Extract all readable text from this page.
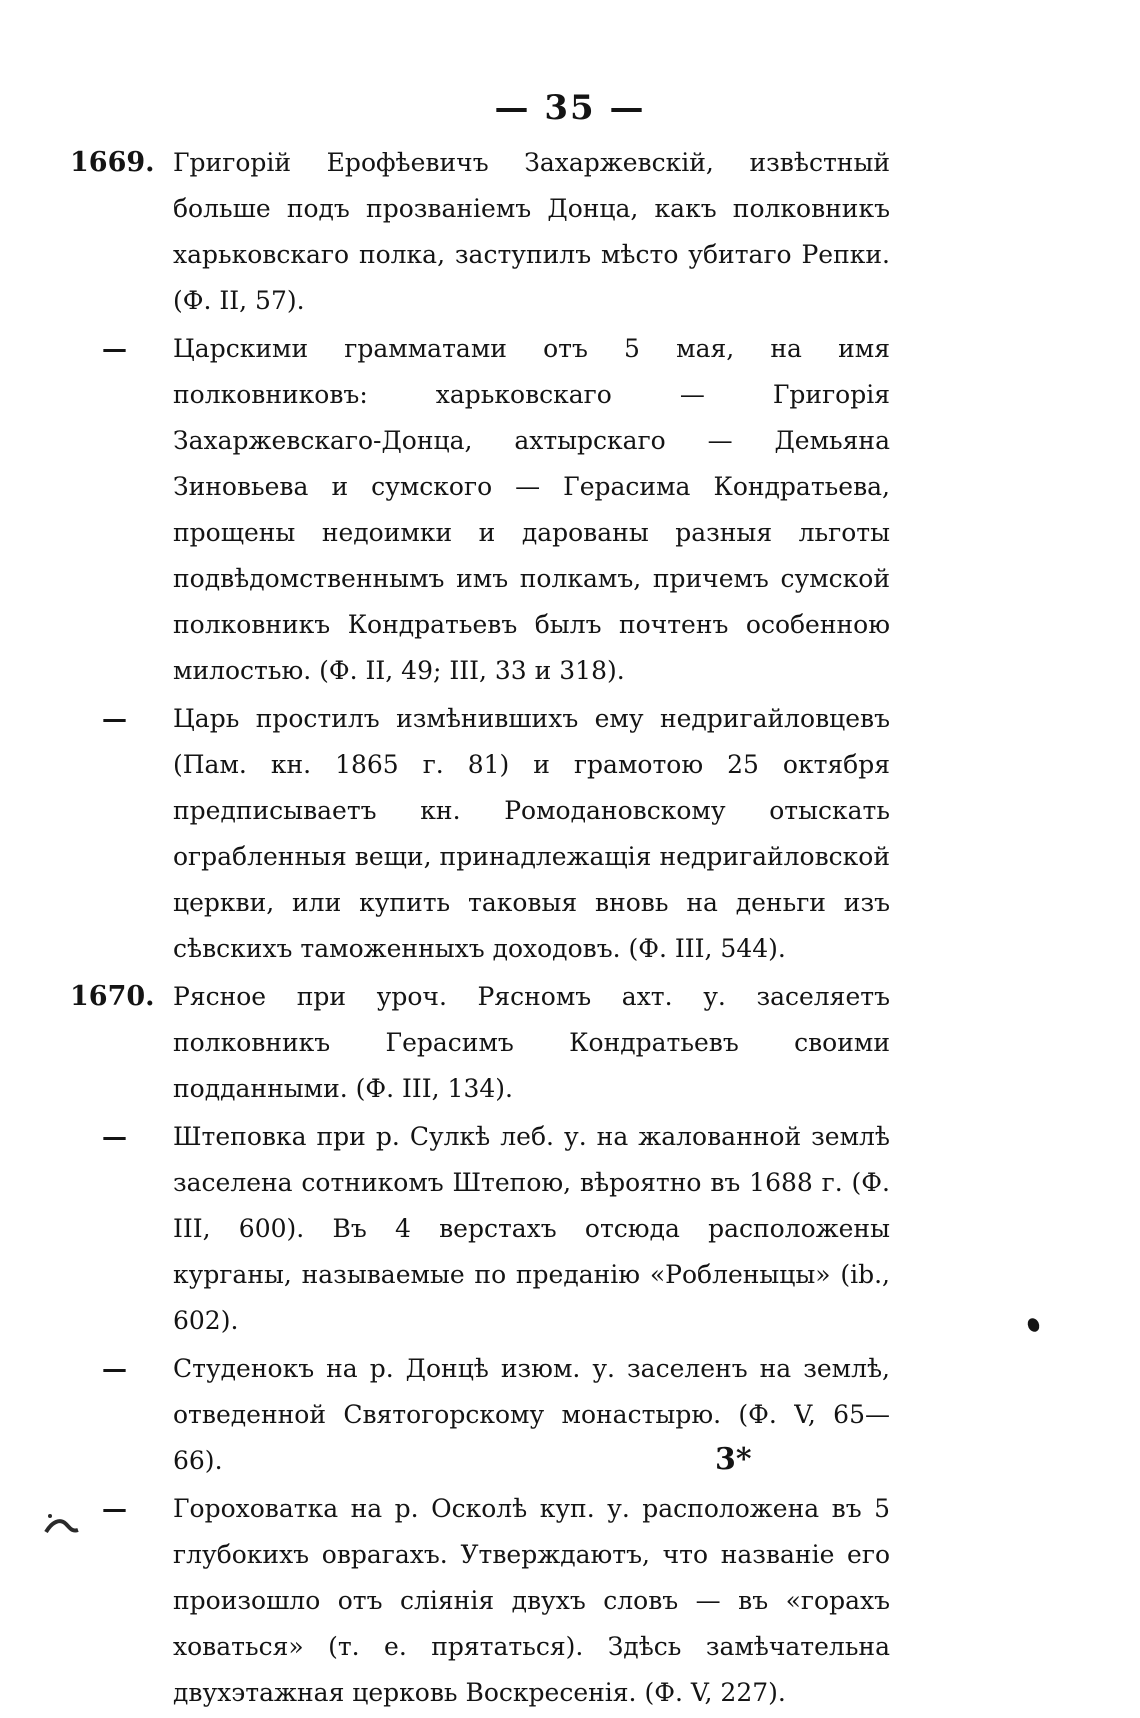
— 35 —
1669. Григорій Ерофѣевичъ Захаржевскій, извѣстный больше подъ прозваніемъ Донца, какъ полковникъ харьковскаго полка, заступилъ мѣсто убитаго Репки. (Ф. II, 57).
— Царскими грамматами отъ 5 мая, на имя полковниковъ: харьковскаго — Григорія Захаржевскаго-Донца, ахтырскаго — Демьяна Зиновьева и сумского — Герасима Кондратьева, прощены недоимки и дарованы разныя льготы подвѣдомственнымъ имъ полкамъ, причемъ сумской полковникъ Кондратьевъ былъ почтенъ особенною милостью. (Ф. II, 49; III, 33 и 318).
— Царь простилъ измѣнившихъ ему недригайловцевъ (Пам. кн. 1865 г. 81) и грамотою 25 октября предписываетъ кн. Ромодановскому отыскать ограбленныя вещи, принадлежащія недригайловской церкви, или купить таковыя вновь на деньги изъ сѣвскихъ таможенныхъ доходовъ. (Ф. III, 544).
1670. Рясное при уроч. Рясномъ ахт. у. заселяетъ полковникъ Герасимъ Кондратьевъ своими подданными. (Ф. III, 134).
— Штеповка при р. Сулкѣ леб. у. на жалованной землѣ заселена сотникомъ Штепою, вѣроятно въ 1688 г. (Ф. III, 600). Въ 4 верстахъ отсюда расположены курганы, называемые по преданію «Робленыцы» (ib., 602).
— Студенокъ на р. Донцѣ изюм. у. заселенъ на землѣ, отведенной Святогорскому монастырю. (Ф. V, 65—66).
— Гороховатка на р. Осколѣ куп. у. расположена въ 5 глубокихъ оврагахъ. Утверждаютъ, что названіе его произошло отъ сліянія двухъ словъ — въ «горахъ ховаться» (т. е. прятаться). Здѣсь замѣчательна двухэтажная церковь Воскресенія. (Ф. V, 227).
3*
